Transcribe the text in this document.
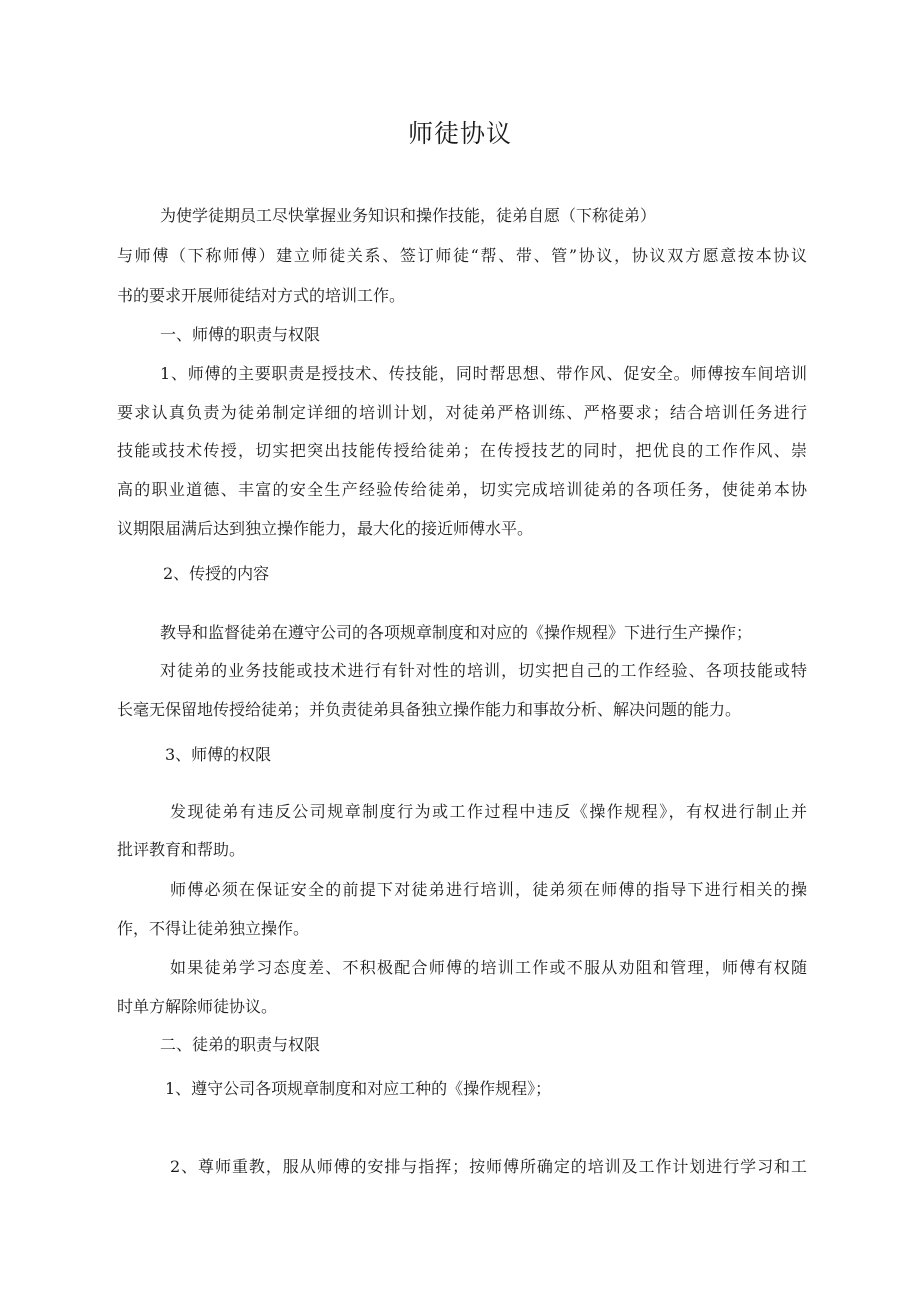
师徒协议
为使学徒期员工尽快掌握业务知识和操作技能，徒弟自愿（下称徒弟）
与师傅（下称师傅）建立师徒关系、签订师徒“帮、带、管”协议，协议双方愿意按本协议
书的要求开展师徒结对方式的培训工作。
一、师傅的职责与权限
1、师傅的主要职责是授技术、传技能，同时帮思想、带作风、促安全。师傅按车间培训
要求认真负责为徒弟制定详细的培训计划，对徒弟严格训练、严格要求；结合培训任务进行
技能或技术传授，切实把突出技能传授给徒弟；在传授技艺的同时，把优良的工作作风、崇
高的职业道德、丰富的安全生产经验传给徒弟，切实完成培训徒弟的各项任务，使徒弟本协
议期限届满后达到独立操作能力，最大化的接近师傅水平。
2、传授的内容
教导和监督徒弟在遵守公司的各项规章制度和对应的《操作规程》下进行生产操作；
对徒弟的业务技能或技术进行有针对性的培训，切实把自己的工作经验、各项技能或特
长毫无保留地传授给徒弟；并负责徒弟具备独立操作能力和事故分析、解决问题的能力。
3、师傅的权限
发现徒弟有违反公司规章制度行为或工作过程中违反《操作规程》，有权进行制止并
批评教育和帮助。
师傅必须在保证安全的前提下对徒弟进行培训，徒弟须在师傅的指导下进行相关的操
作，不得让徒弟独立操作。
如果徒弟学习态度差、不积极配合师傅的培训工作或不服从劝阻和管理，师傅有权随
时单方解除师徒协议。
二、徒弟的职责与权限
1、遵守公司各项规章制度和对应工种的《操作规程》；
2、尊师重教，服从师傅的安排与指挥；按师傅所确定的培训及工作计划进行学习和工
